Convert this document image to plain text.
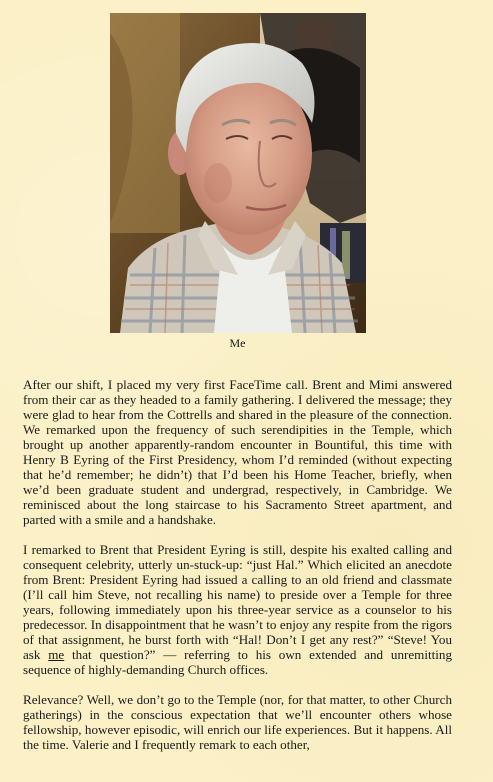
Me

After our shift, I placed my very first FaceTime call. Brent and Mimi answered from their car as they headed to a family gathering. I delivered the message; they were glad to hear from the Cottrells and shared in the pleasure of the connection. We remarked upon the frequency of such serendipities in the Temple, which brought up another apparently-random encounter in Bountiful, this time with Henry B Eyring of the First Presidency, whom I’d reminded (without expecting that he’d remember; he didn’t) that I’d been his Home Teacher, briefly, when we’d been graduate student and undergrad, respectively, in Cambridge. We reminisced about the long staircase to his Sacramento Street apartment, and parted with a smile and a handshake.

I remarked to Brent that President Eyring is still, despite his exalted calling and consequent celebrity, utterly un-stuck-up: “just Hal.” Which elicited an anecdote from Brent: President Eyring had issued a calling to an old friend and classmate (I’ll call him Steve, not recalling his name) to preside over a Temple for three years, following immediately upon his three-year service as a counselor to his predecessor. In disappointment that he wasn’t to enjoy any respite from the rigors of that assignment, he burst forth with “Hal! Don’t I get any rest?” “Steve! You ask me that question?” — referring to his own extended and unremitting sequence of highly-demanding Church offices.

Relevance? Well, we don’t go to the Temple (nor, for that matter, to other Church gatherings) in the conscious expectation that we’ll encounter others whose fellowship, however episodic, will enrich our life experiences. But it happens. All the time. Valerie and I frequently remark to each other,
